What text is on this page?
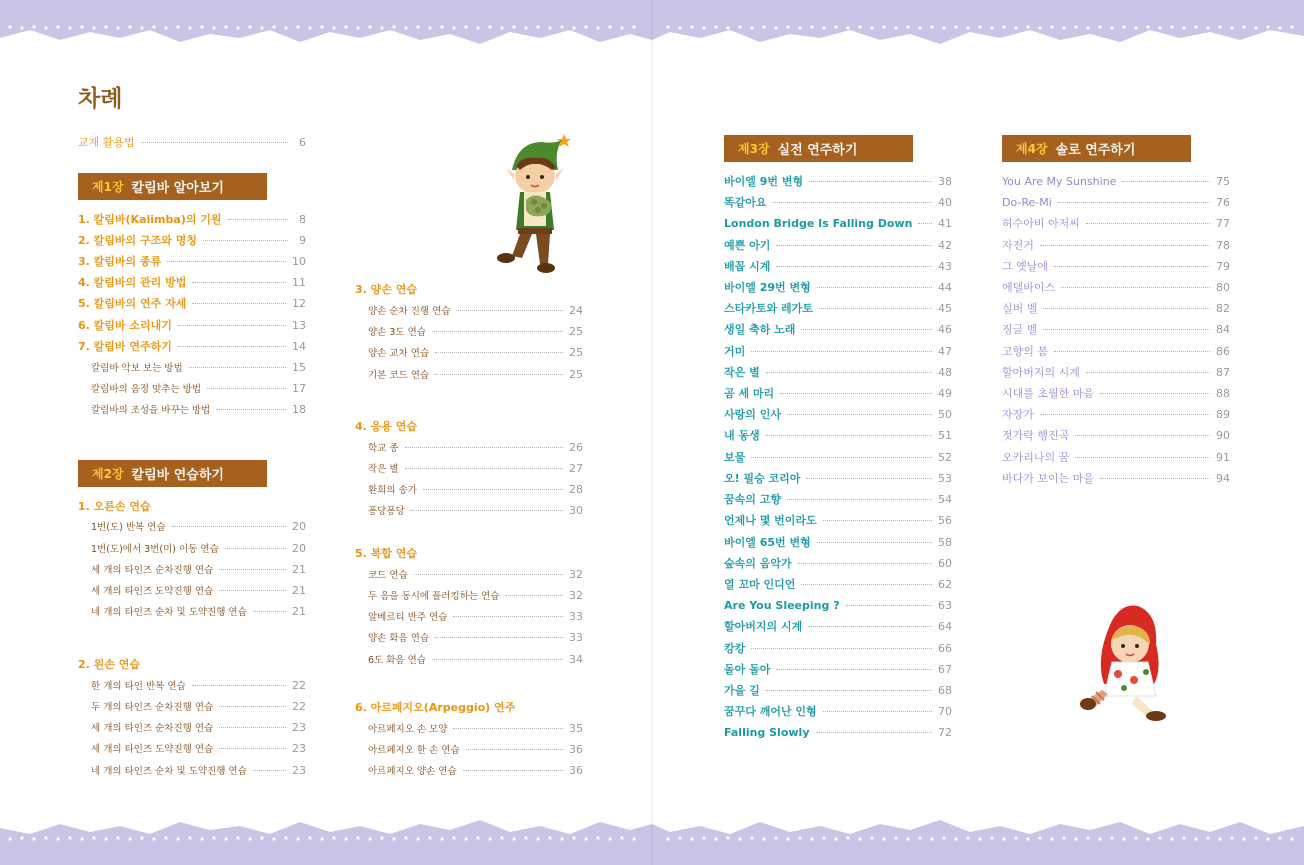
차례
교재 활용법	6
제1장 칼림바 알아보기
1. 칼림바(Kalimba)의 기원	8
2. 칼림바의 구조와 명칭	9
3. 칼림바의 종류	10
4. 칼림바의 관리 방법	11
5. 칼림바의 연주 자세	12
6. 칼림바 소리내기	13
7. 칼림바 연주하기	14
칼림바 악보 보는 방법	15
칼림바의 음정 맞추는 방법	17
칼림바의 조성을 바꾸는 방법	18
제2장 칼림바 연습하기
1. 오른손 연습
1번(도) 반복 연습	20
1번(도)에서 3번(미) 이동 연습	20
세 개의 타인즈 순차진행 연습	21
세 개의 타인즈 도약진행 연습	21
네 개의 타인즈 순차 및 도약진행 연습	21
2. 왼손 연습
한 개의 타인 반복 연습	22
두 개의 타인즈 순차진행 연습	22
세 개의 타인즈 순차진행 연습	23
세 개의 타인즈 도약진행 연습	23
네 개의 타인즈 순차 및 도약진행 연습	23
3. 양손 연습
양손 순차 진행 연습	24
양손 3도 연습	25
양손 교차 연습	25
기본 코드 연습	25
4. 응용 연습
학교 종	26
작은 별	27
환희의 송가	28
퐁당퐁당	30
5. 복합 연습
코드 연습	32
두 음을 동시에 플러킹하는 연습	32
알베르티 반주 연습	33
양손 화음 연습	33
6도 화음 연습	34
6. 아르페지오(Arpeggio) 연주
아르페지오 손 모양	35
아르페지오 한 손 연습	36
아르페지오 양손 연습	36
제3장 실전 연주하기
바이엘 9번 변형	38
똑같아요	40
London Bridge Is Falling Down 41
예쁜 아기	42
배꼽 시계	43
바이엘 29번 변형	44
스타카토와 레가토	45
생일 축하 노래	46
거미	47
작은 별	48
곰 세 마리	49
사랑의 인사	50
내 동생	51
보물	52
오! 필승 코리아	53
꿈속의 고향	54
언제나 몇 번이라도	56
바이엘 65번 변형	58
숲속의 음악가	60
열 꼬마 인디언	62
Are You Sleeping ?	63
할아버지의 시계	64
캉캉	66
돌아 돌아	67
가을 길	68
꿈꾸다 깨어난 인형	70
Falling Slowly	72
제4장 솔로 연주하기
You Are My Sunshine	75
Do-Re-Mi	76
허수아비 아저씨	77
자전거	78
그 옛날에	79
에델바이스	80
실버 벨	82
징글 벨	84
고향의 봄	86
할아버지의 시계	87
시대를 초월한 마음	88
자장가	89
젓가락 행진곡	90
오카리나의 꿈	91
바다가 보이는 마을	94
